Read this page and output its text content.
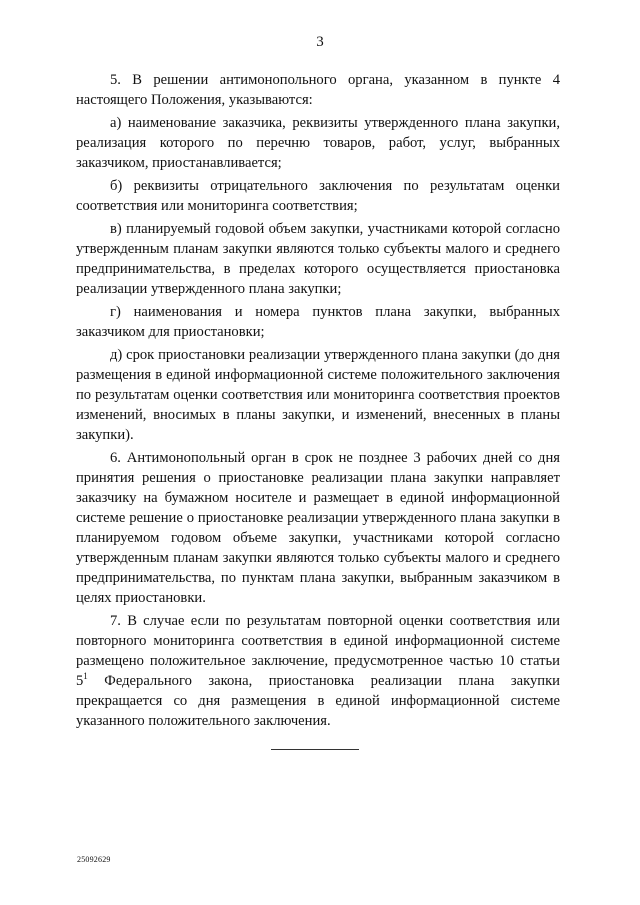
3

5. В решении антимонопольного органа, указанном в пункте 4 настоящего Положения, указываются:

а) наименование заказчика, реквизиты утвержденного плана закупки, реализация которого по перечню товаров, работ, услуг, выбранных заказчиком, приостанавливается;

б) реквизиты отрицательного заключения по результатам оценки соответствия или мониторинга соответствия;

в) планируемый годовой объем закупки, участниками которой согласно утвержденным планам закупки являются только субъекты малого и среднего предпринимательства, в пределах которого осуществляется приостановка реализации утвержденного плана закупки;

г) наименования и номера пунктов плана закупки, выбранных заказчиком для приостановки;

д) срок приостановки реализации утвержденного плана закупки (до дня размещения в единой информационной системе положительного заключения по результатам оценки соответствия или мониторинга соответствия проектов изменений, вносимых в планы закупки, и изменений, внесенных в планы закупки).

6. Антимонопольный орган в срок не позднее 3 рабочих дней со дня принятия решения о приостановке реализации плана закупки направляет заказчику на бумажном носителе и размещает в единой информационной системе решение о приостановке реализации утвержденного плана закупки в планируемом годовом объеме закупки, участниками которой согласно утвержденным планам закупки являются только субъекты малого и среднего предпринимательства, по пунктам плана закупки, выбранным заказчиком в целях приостановки.

7. В случае если по результатам повторной оценки соответствия или повторного мониторинга соответствия в единой информационной системе размещено положительное заключение, предусмотренное частью 10 статьи $5^1$ Федерального закона, приостановка реализации плана закупки прекращается со дня размещения в единой информационной системе указанного положительного заключения.

25092629
